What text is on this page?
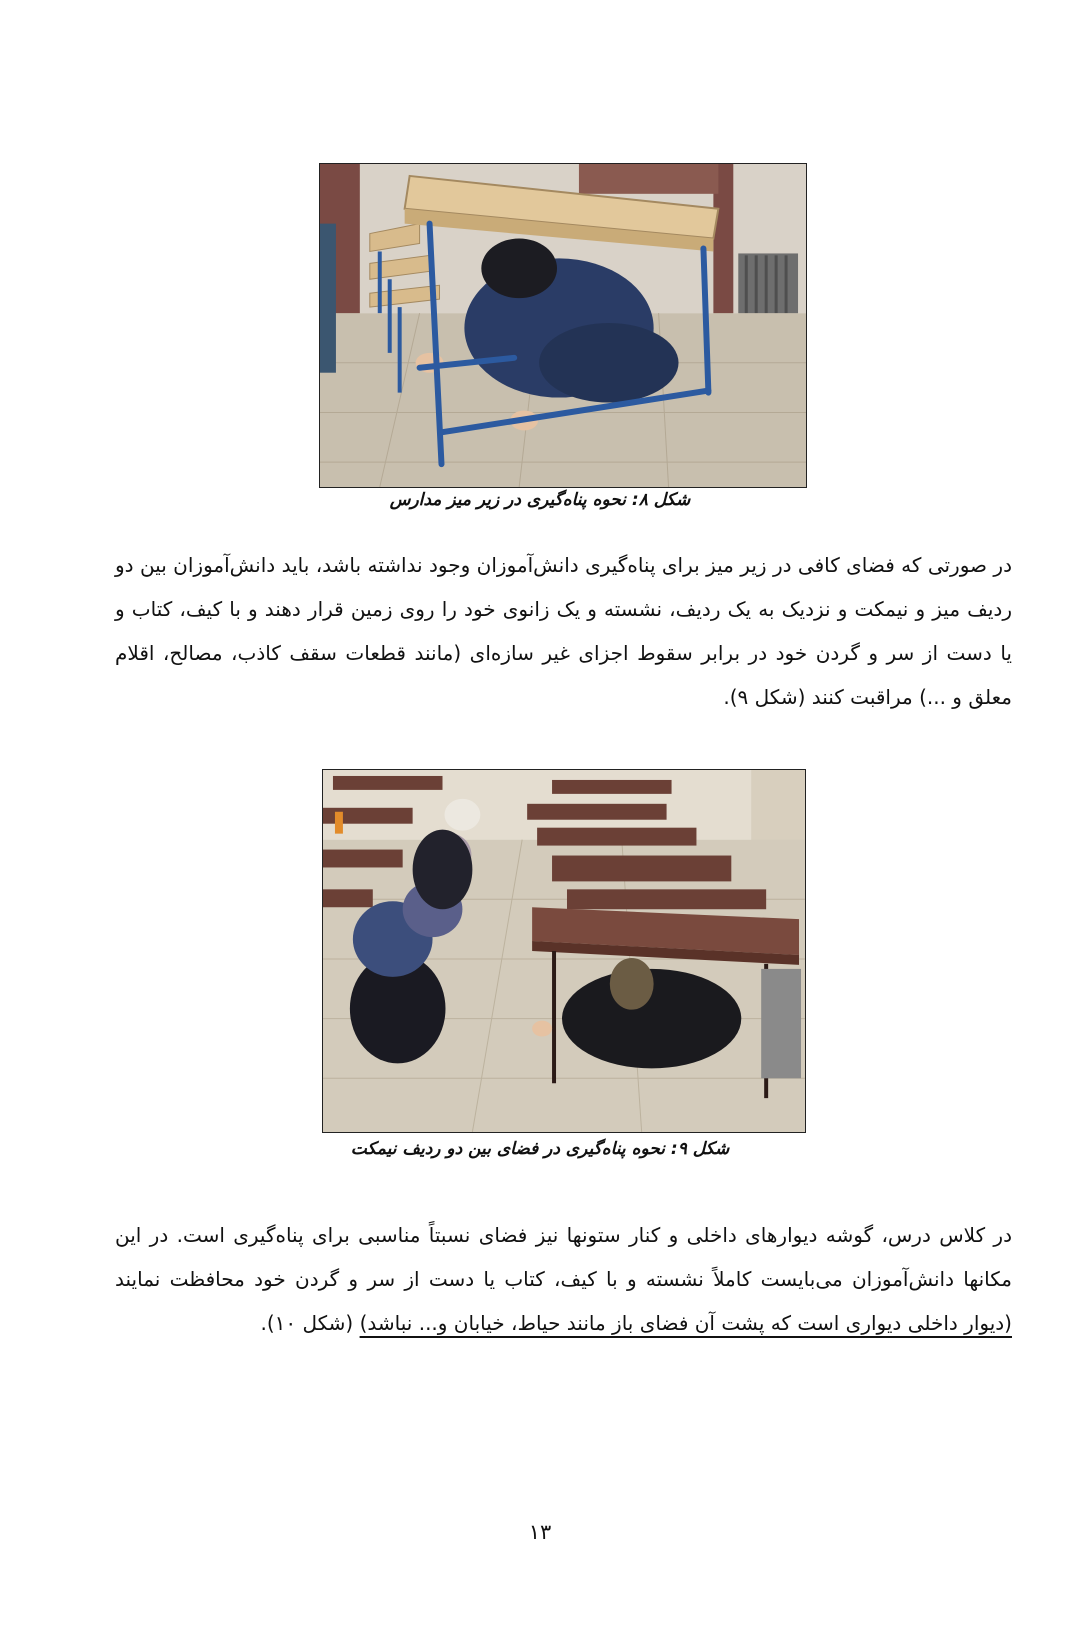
شکل ۸: نحوه پناه‌گیری در زیر میز مدارس
در صورتی که فضای کافی در زیر میز برای پناه‌گیری دانش‌آموزان وجود نداشته باشد، باید دانش‌آموزان بین دو ردیف میز و نیمکت و نزدیک به یک ردیف، نشسته و یک زانوی خود را روی زمین قرار دهند و با کیف، کتاب و یا دست از سر و گردن خود در برابر سقوط اجزای غیر سازه‌ای (مانند قطعات سقف کاذب، مصالح، اقلام معلق و ...) مراقبت کنند (شکل ۹).
شکل ۹: نحوه پناه‌گیری در فضای بین دو ردیف نیمکت
در کلاس درس، گوشه دیوارهای داخلی و کنار ستونها نیز فضای نسبتاً مناسبی برای پناه‌گیری است. در این مکانها دانش‌آموزان می‌بایست کاملاً نشسته و با کیف، کتاب یا دست از سر و گردن خود محافظت نمایند (دیوار داخلی دیواری است که پشت آن فضای باز مانند حیاط، خیابان و... نباشد) (شکل ۱۰).
۱۳
